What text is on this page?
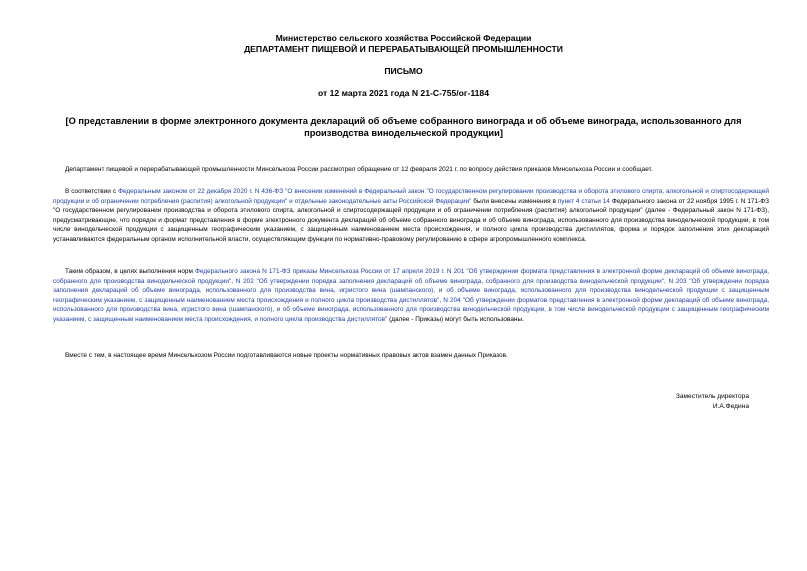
Министерство сельского хозяйства Российской Федерации
ДЕПАРТАМЕНТ ПИЩЕВОЙ И ПЕРЕРАБАТЫВАЮЩЕЙ ПРОМЫШЛЕННОСТИ
ПИСЬМО
от 12 марта 2021 года N 21-С-755/ог-1184
[О представлении в форме электронного документа деклараций об объеме собранного винограда и об объеме винограда, использованного для производства винодельческой продукции]

Департамент пищевой и перерабатывающей промышленности Минсельхоза России рассмотрел обращение от 12 февраля 2021 г. по вопросу действия приказов Минсельхоза России и сообщает.

В соответствии с Федеральным законом от 22 декабря 2020 г. N 436-ФЗ "О внесении изменений в Федеральный закон "О государственном регулировании производства и оборота этилового спирта, алкогольной и спиртосодержащей продукции и об ограничении потребления (распития) алкогольной продукции" и отдельные законодательные акты Российской Федерации" были внесены изменения в пункт 4 статьи 14 Федерального закона от 22 ноября 1995 г. N 171-ФЗ "О государственном регулировании производства и оборота этилового спирта, алкогольной и спиртосодержащей продукции и об ограничении потребления (распития) алкогольной продукции" (далее - Федеральный закон N 171-ФЗ), предусматривающие, что порядок и формат представления в форме электронного документа деклараций об объеме собранного винограда и об объеме винограда, использованного для производства винодельческой продукции, в том числе винодельческой продукции с защищенным географическим указанием, с защищенным наименованием места происхождения, и полного цикла производства дистиллятов, форма и порядок заполнения этих деклараций устанавливаются федеральным органом исполнительной власти, осуществляющим функции по нормативно-правовому регулированию в сфере агропромышленного комплекса.

Таким образом, в целях выполнения норм Федерального закона N 171-ФЗ приказы Минсельхоза России от 17 апреля 2019 г. N 201 "Об утверждении формата представления в электронной форме деклараций об объеме винограда, собранного для производства винодельческой продукции", N 202 "Об утверждении порядка заполнения деклараций об объеме винограда, собранного для производства винодельческой продукции", N 203 "Об утверждении порядка заполнения деклараций об объеме винограда, использованного для производства вина, игристого вина (шампанского), и об объеме винограда, использованного для производства винодельческой продукции с защищенным географическим указанием, с защищенным наименованием места происхождения и полного цикла производства дистиллятов", N 204 "Об утверждении форматов представления в электронной форме деклараций об объеме винограда, использованного для производства вина, игристого вина (шампанского), и об объеме винограда, использованного для производства винодельческой продукции, в том числе винодельческой продукции с защищенным географическим указанием, с защищенным наименованием места происхождения, и полного цикла производства дистиллятов" (далее - Приказы) могут быть использованы.

Вместе с тем, в настоящее время Минсельхозом России подготавливаются новые проекты нормативных правовых актов взамен данных Приказов.

Заместитель директора
И.А.Федина
